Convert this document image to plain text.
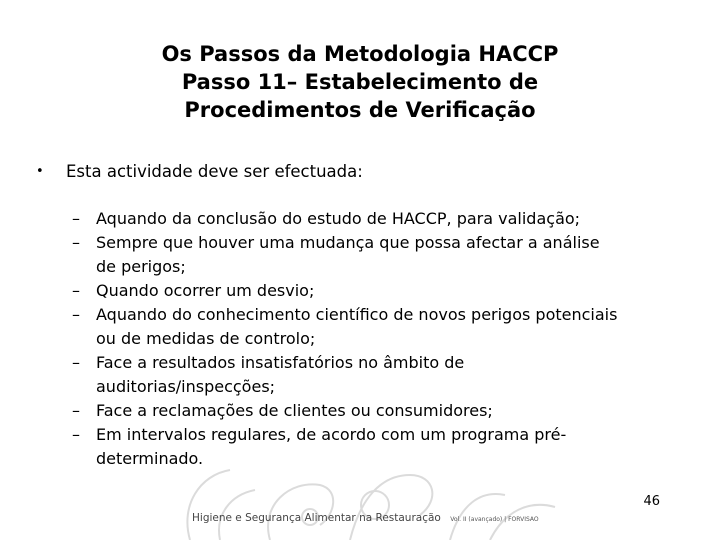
Os Passos da Metodologia HACCP
Passo 11– Estabelecimento de
Procedimentos de Verificação
• Esta actividade deve ser efectuada:
– Aquando da conclusão do estudo de HACCP, para validação;
– Sempre que houver uma mudança que possa afectar a análise
de perigos;
– Quando ocorrer um desvio;
– Aquando do conhecimento científico de novos perigos potenciais
ou de medidas de controlo;
– Face a resultados insatisfatórios no âmbito de
auditorias/inspecções;
– Face a reclamações de clientes ou consumidores;
– Em intervalos regulares, de acordo com um programa pré-
determinado.
46
Higiene e Segurança Alimentar na Restauração Vol. II (avançado) | FORVISAO
